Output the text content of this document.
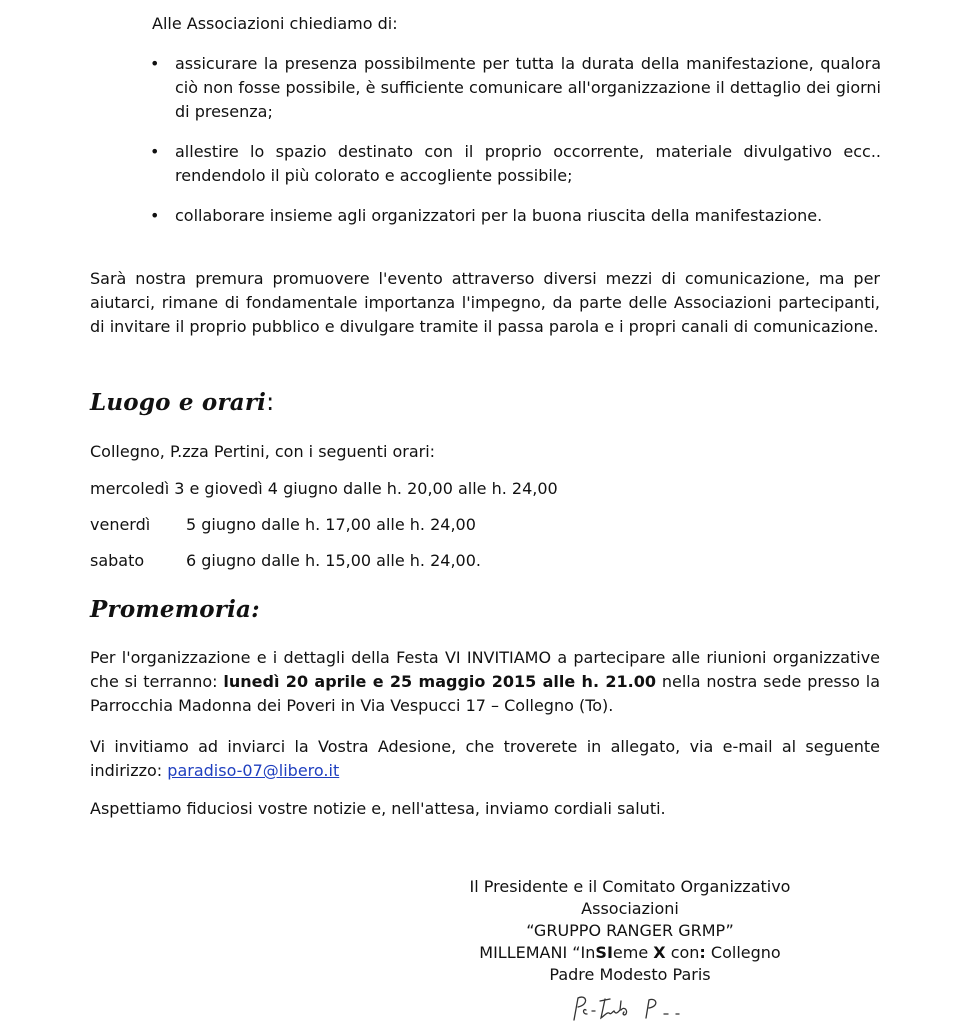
Alle Associazioni chiediamo di:

• assicurare la presenza possibilmente per tutta la durata della manifestazione, qualora ciò non fosse possibile, è sufficiente comunicare all'organizzazione il dettaglio dei giorni di presenza;
• allestire lo spazio destinato con il proprio occorrente, materiale divulgativo ecc.. rendendolo il più colorato e accogliente possibile;
• collaborare insieme agli organizzatori per la buona riuscita della manifestazione.

Sarà nostra premura promuovere l'evento attraverso diversi mezzi di comunicazione, ma per aiutarci, rimane di fondamentale importanza l'impegno, da parte delle Associazioni partecipanti, di invitare il proprio pubblico e divulgare tramite il passa parola e i propri canali di comunicazione.

Luogo e orari:

Collegno, P.zza Pertini, con i seguenti orari:

mercoledì 3 e giovedì 4 giugno dalle h. 20,00 alle h. 24,00

venerdì 5 giugno dalle h. 17,00 alle h. 24,00

sabato	6 giugno dalle h. 15,00 alle h. 24,00.

Promemoria:

Per l'organizzazione e i dettagli della Festa VI INVITIAMO a partecipare alle riunioni organizzative che si terranno: lunedì 20 aprile e 25 maggio 2015 alle h. 21.00 nella nostra sede presso la Parrocchia Madonna dei Poveri in Via Vespucci 17 – Collegno (To).

Vi invitiamo ad inviarci la Vostra Adesione, che troverete in allegato, via e-mail al seguente indirizzo: paradiso-07@libero.it

Aspettiamo fiduciosi vostre notizie e, nell'attesa, inviamo cordiali saluti.

Il Presidente e il Comitato Organizzativo
Associazioni
“GRUPPO RANGER GRMP”
MILLEMANI “InSIeme X con: Collegno
Padre Modesto Paris
